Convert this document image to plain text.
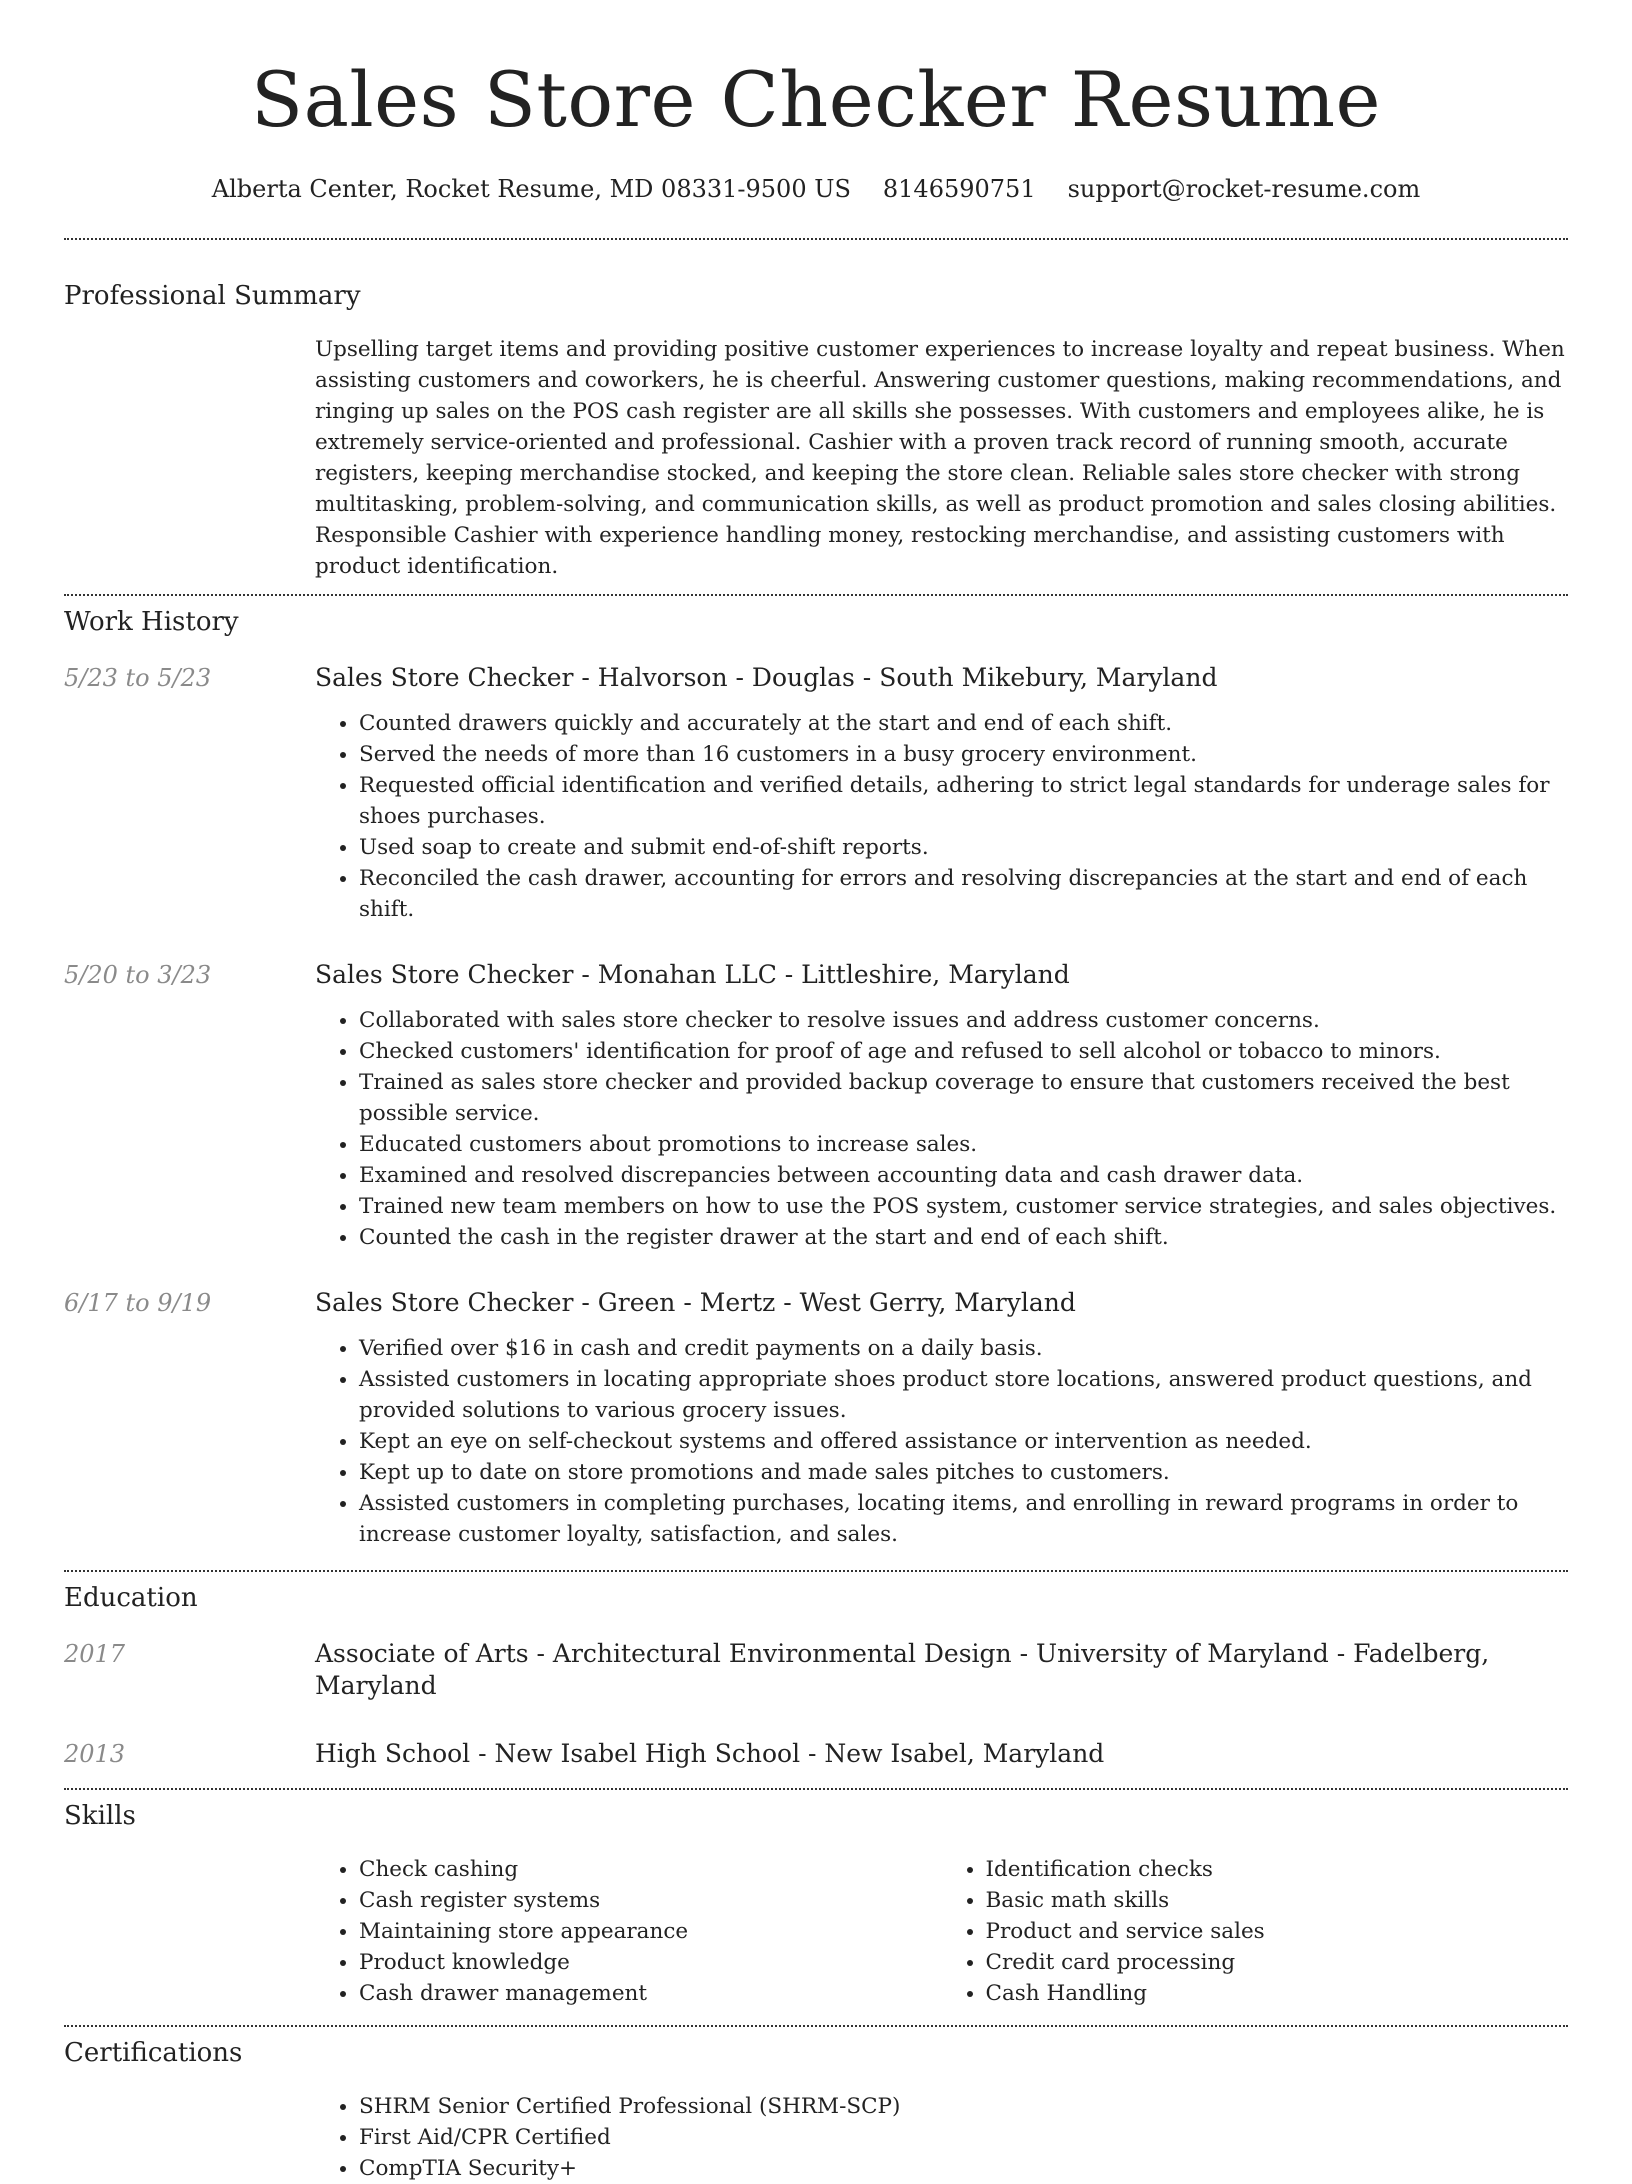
Sales Store Checker Resume
Alberta Center, Rocket Resume, MD 08331-9500 US 8146590751 support@rocket-resume.com
Professional Summary

Upselling target items and providing positive customer experiences to increase loyalty and repeat business. When assisting customers and coworkers, he is cheerful. Answering customer questions, making recommendations, and ringing up sales on the POS cash register are all skills she possesses. With customers and employees alike, he is extremely service-oriented and professional. Cashier with a proven track record of running smooth, accurate registers, keeping merchandise stocked, and keeping the store clean. Reliable sales store checker with strong multitasking, problem-solving, and communication skills, as well as product promotion and sales closing abilities. Responsible Cashier with experience handling money, restocking merchandise, and assisting customers with product identification.

Work History
5/23 to 5/23	Sales Store Checker - Halvorson - Douglas - South Mikebury, Maryland
• Counted drawers quickly and accurately at the start and end of each shift.
• Served the needs of more than 16 customers in a busy grocery environment.
• Requested official identification and verified details, adhering to strict legal standards for underage sales for shoes purchases.
• Used soap to create and submit end-of-shift reports.
• Reconciled the cash drawer, accounting for errors and resolving discrepancies at the start and end of each shift.
5/20 to 3/23	Sales Store Checker - Monahan LLC - Littleshire, Maryland
• Collaborated with sales store checker to resolve issues and address customer concerns.
• Checked customers' identification for proof of age and refused to sell alcohol or tobacco to minors.
• Trained as sales store checker and provided backup coverage to ensure that customers received the best possible service.
• Educated customers about promotions to increase sales.
• Examined and resolved discrepancies between accounting data and cash drawer data.
• Trained new team members on how to use the POS system, customer service strategies, and sales objectives.
• Counted the cash in the register drawer at the start and end of each shift.
6/17 to 9/19	Sales Store Checker - Green - Mertz - West Gerry, Maryland
• Verified over $16 in cash and credit payments on a daily basis.
• Assisted customers in locating appropriate shoes product store locations, answered product questions, and provided solutions to various grocery issues.
• Kept an eye on self-checkout systems and offered assistance or intervention as needed.
• Kept up to date on store promotions and made sales pitches to customers.
• Assisted customers in completing purchases, locating items, and enrolling in reward programs in order to increase customer loyalty, satisfaction, and sales.
Education
2017	Associate of Arts - Architectural Environmental Design - University of Maryland - Fadelberg, Maryland
2013	High School - New Isabel High School - New Isabel, Maryland
Skills
• Check cashing
• Cash register systems
• Maintaining store appearance
• Product knowledge
• Cash drawer management
• Identification checks
• Basic math skills
• Product and service sales
• Credit card processing
• Cash Handling
Certifications
• SHRM Senior Certified Professional (SHRM-SCP)
• First Aid/CPR Certified
• CompTIA Security+
